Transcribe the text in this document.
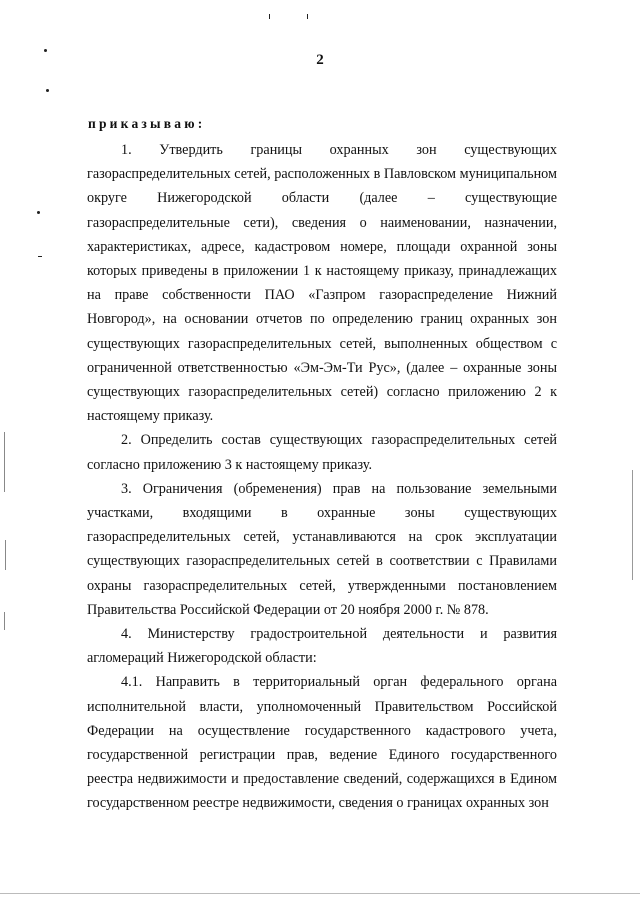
2
приказываю:

1. Утвердить границы охранных зон существующих газораспределительных сетей, расположенных в Павловском муниципальном округе Нижегородской области (далее – существующие газораспределительные сети), сведения о наименовании, назначении, характеристиках, адресе, кадастровом номере, площади охранной зоны которых приведены в приложении 1 к настоящему приказу, принадлежащих на праве собственности ПАО «Газпром газораспределение Нижний Новгород», на основании отчетов по определению границ охранных зон существующих газораспределительных сетей, выполненных обществом с ограниченной ответственностью «Эм-Эм-Ти Рус», (далее – охранные зоны существующих газораспределительных сетей) согласно приложению 2 к настоящему приказу.

2. Определить состав существующих газораспределительных сетей согласно приложению 3 к настоящему приказу.

3. Ограничения (обременения) прав на пользование земельными участками, входящими в охранные зоны существующих газораспределительных сетей, устанавливаются на срок эксплуатации существующих газораспределительных сетей в соответствии с Правилами охраны газораспределительных сетей, утвержденными постановлением Правительства Российской Федерации от 20 ноября 2000 г. № 878.

4. Министерству градостроительной деятельности и развития агломераций Нижегородской области:

4.1. Направить в территориальный орган федерального органа исполнительной власти, уполномоченный Правительством Российской Федерации на осуществление государственного кадастрового учета, государственной регистрации прав, ведение Единого государственного реестра недвижимости и предоставление сведений, содержащихся в Едином государственном реестре недвижимости, сведения о границах охранных зон
